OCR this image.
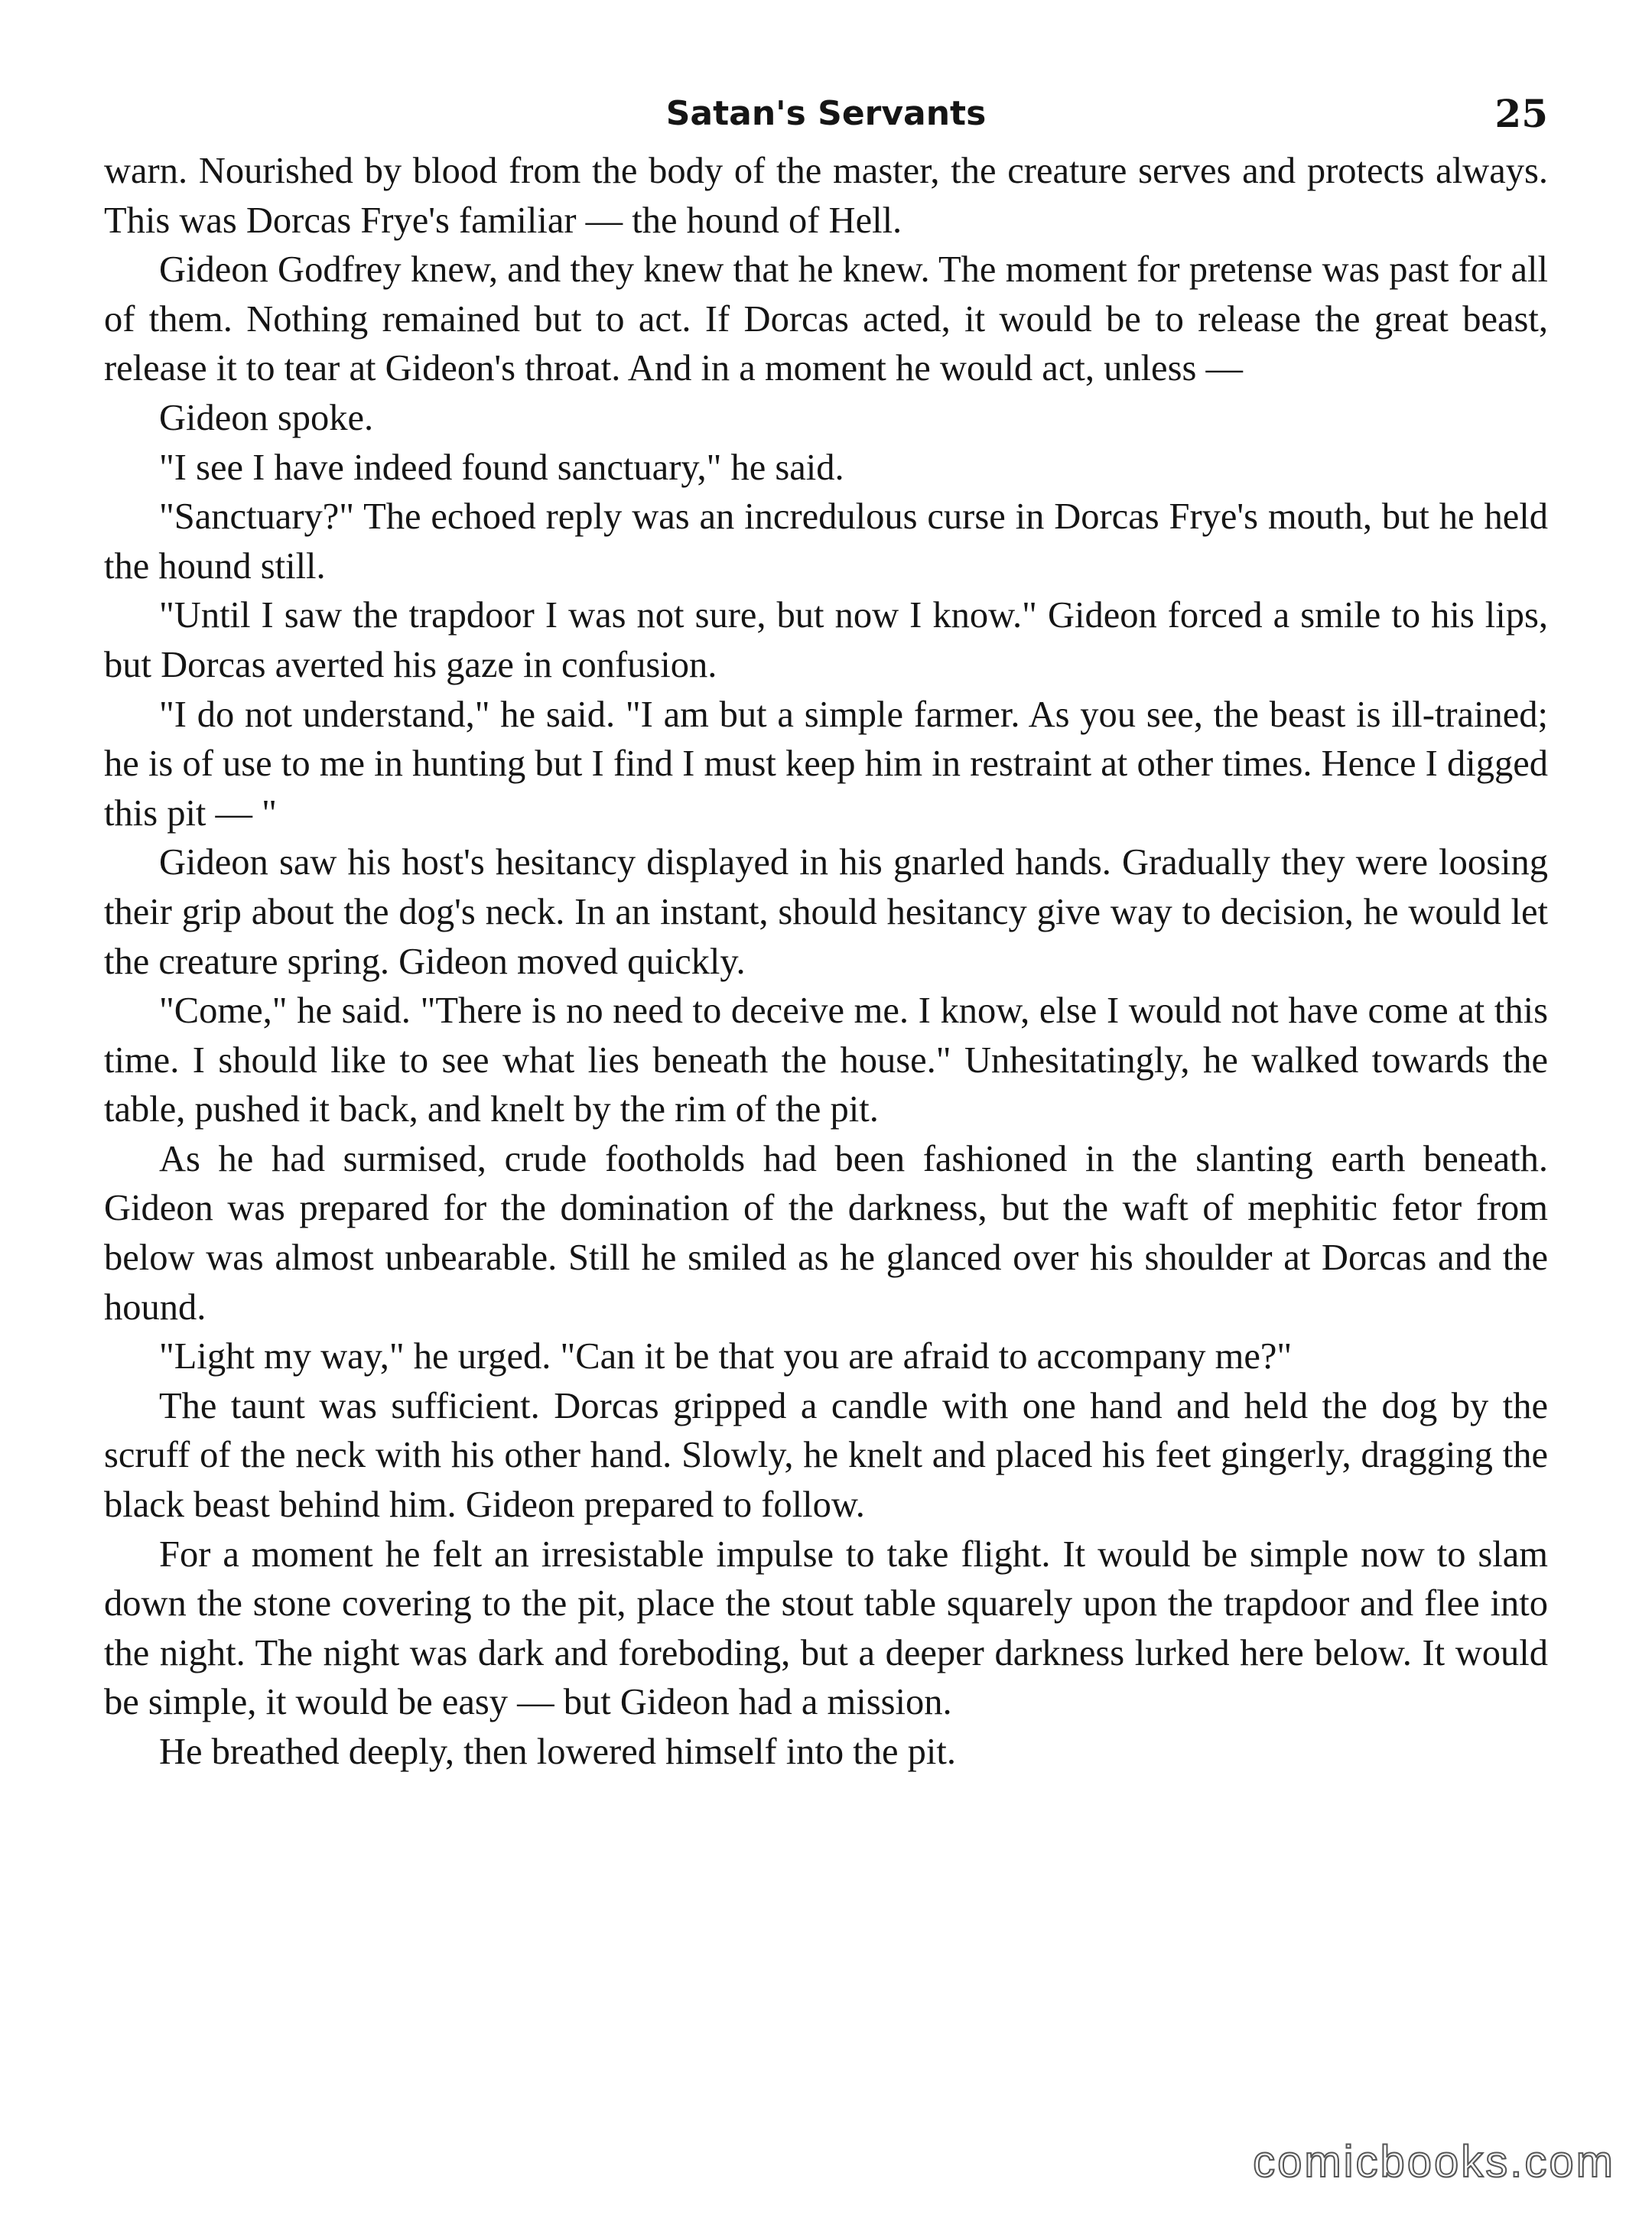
Satan's Servants	25

warn. Nourished by blood from the body of the master, the creature serves and protects always. This was Dorcas Frye's familiar — the hound of Hell.

Gideon Godfrey knew, and they knew that he knew. The moment for pretense was past for all of them. Nothing remained but to act. If Dorcas acted, it would be to release the great beast, release it to tear at Gideon's throat. And in a moment he would act, unless —

Gideon spoke.

"I see I have indeed found sanctuary," he said.

"Sanctuary?" The echoed reply was an incredulous curse in Dorcas Frye's mouth, but he held the hound still.

"Until I saw the trapdoor I was not sure, but now I know." Gideon forced a smile to his lips, but Dorcas averted his gaze in confusion.

"I do not understand," he said. "I am but a simple farmer. As you see, the beast is ill-trained; he is of use to me in hunting but I find I must keep him in restraint at other times. Hence I digged this pit — "

Gideon saw his host's hesitancy displayed in his gnarled hands. Gradually they were loosing their grip about the dog's neck. In an instant, should hesitancy give way to decision, he would let the creature spring. Gideon moved quickly.

"Come," he said. "There is no need to deceive me. I know, else I would not have come at this time. I should like to see what lies beneath the house." Unhesitatingly, he walked towards the table, pushed it back, and knelt by the rim of the pit.

As he had surmised, crude footholds had been fashioned in the slanting earth beneath. Gideon was prepared for the domination of the darkness, but the waft of mephitic fetor from below was almost unbearable. Still he smiled as he glanced over his shoulder at Dorcas and the hound.

"Light my way," he urged. "Can it be that you are afraid to accompany me?"

The taunt was sufficient. Dorcas gripped a candle with one hand and held the dog by the scruff of the neck with his other hand. Slowly, he knelt and placed his feet gingerly, dragging the black beast behind him. Gideon prepared to follow.

For a moment he felt an irresistable impulse to take flight. It would be simple now to slam down the stone covering to the pit, place the stout table squarely upon the trapdoor and flee into the night. The night was dark and foreboding, but a deeper darkness lurked here below. It would be simple, it would be easy — but Gideon had a mission.

He breathed deeply, then lowered himself into the pit.

comicbooks.com
